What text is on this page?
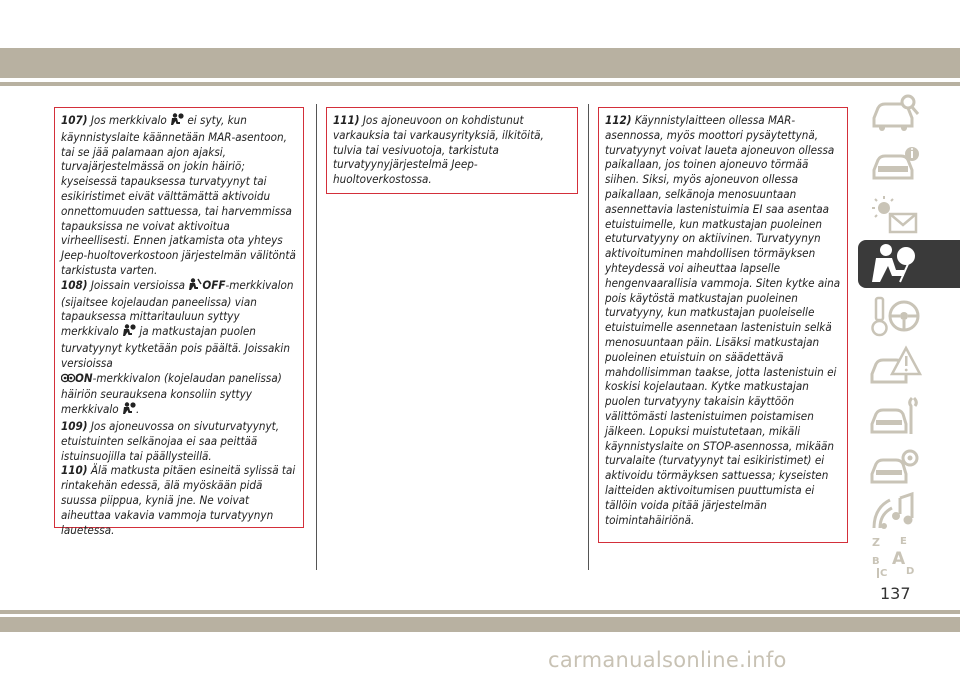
107) Jos merkkivalo ei syty, kun käynnistyslaite käännetään MAR-asentoon, tai se jää palamaan ajon ajaksi, turvajärjestelmässä on jokin häiriö; kyseisessä tapauksessa turvatyynyt tai esikiristimet eivät välttämättä aktivoidu onnettomuuden sattuessa, tai harvemmissa tapauksissa ne voivat aktivoitua virheellisesti. Ennen jatkamista ota yhteys Jeep-huoltoverkostoon järjestelmän välitöntä tarkistusta varten.
108) Joissain versioissa OFF-merkkivalon (sijaitsee kojelaudan paneelissa) vian tapauksessa mittaritauluun syttyy merkkivalo ja matkustajan puolen turvatyynyt kytketään pois päältä. Joissakin versioissa
ON-merkkivalon (kojelaudan panelissa) häiriön seurauksena konsoliin syttyy merkkivalo .
109) Jos ajoneuvossa on sivuturvatyynyt, etuistuinten selkänojaa ei saa peittää istuinsuojilla tai päällysteillä.
110) Älä matkusta pitäen esineitä sylissä tai rintakehän edessä, älä myöskään pidä suussa piippua, kyniä jne. Ne voivat aiheuttaa vakavia vammoja turvatyynyn lauetessa.
111) Jos ajoneuvoon on kohdistunut varkauksia tai varkausyrityksiä, ilkitöitä, tulvia tai vesivuotoja, tarkistuta turvatyynyjärjestelmä Jeep-huoltoverkostossa.
112) Käynnistylaitteen ollessa MAR-asennossa, myös moottori pysäytettynä, turvatyynyt voivat laueta ajoneuvon ollessa paikallaan, jos toinen ajoneuvo törmää siihen. Siksi, myös ajoneuvon ollessa paikallaan, selkänoja menosuuntaan asennettavia lastenistuimia EI saa asentaa etuistuimelle, kun matkustajan puoleinen etuturvatyyny on aktiivinen. Turvatyynyn aktivoituminen mahdollisen törmäyksen yhteydessä voi aiheuttaa lapselle hengenvaarallisia vammoja. Siten kytke aina pois käytöstä matkustajan puoleinen turvatyyny, kun matkustajan puoleiselle etuistuimelle asennetaan lastenistuin selkä menosuuntaan päin. Lisäksi matkustajan puoleinen etuistuin on säädettävä mahdollisimman taakse, jotta lastenistuin ei koskisi kojelautaan. Kytke matkustajan puolen turvatyyny takaisin käyttöön välittömästi lastenistuimen poistamisen jälkeen. Lopuksi muistutetaan, mikäli käynnistyslaite on STOP-asennossa, mikään turvalaite (turvatyynyt tai esikiristimet) ei aktivoidu törmäyksen sattuessa; kyseisten laitteiden aktivoitumisen puuttumista ei tällöin voida pitää järjestelmän toimintahäiriönä.
Z E
B A
C D
137
carmanualsonline.info
